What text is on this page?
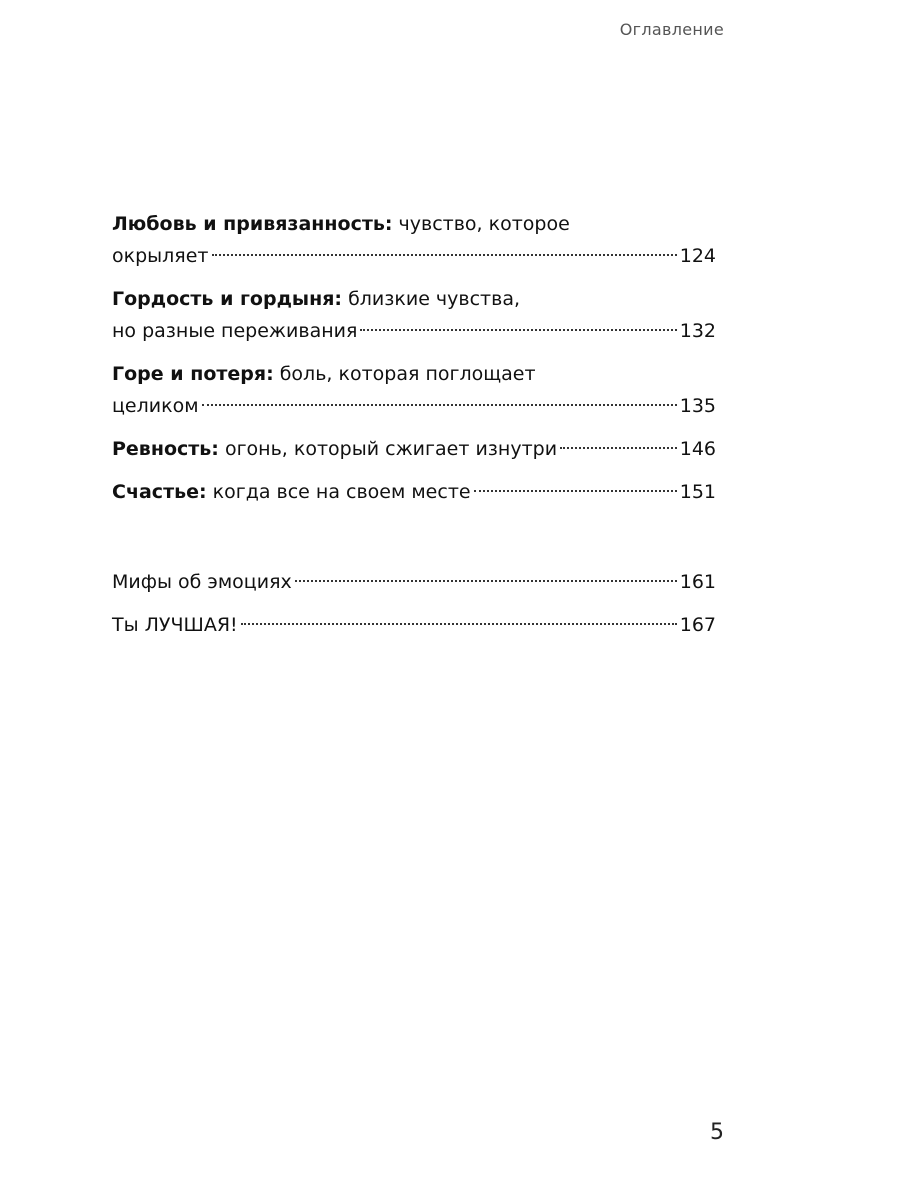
Оглавление
Любовь и привязанность: чувство, которое
окрыляет	124
Гордость и гордыня: близкие чувства,
но разные переживания	132
Горе и потеря: боль, которая поглощает
целиком	135
Ревность: огонь, который сжигает изнутри	146
Счастье: когда все на своем месте	151
Мифы об эмоциях	161
Ты ЛУЧШАЯ!	167
5
